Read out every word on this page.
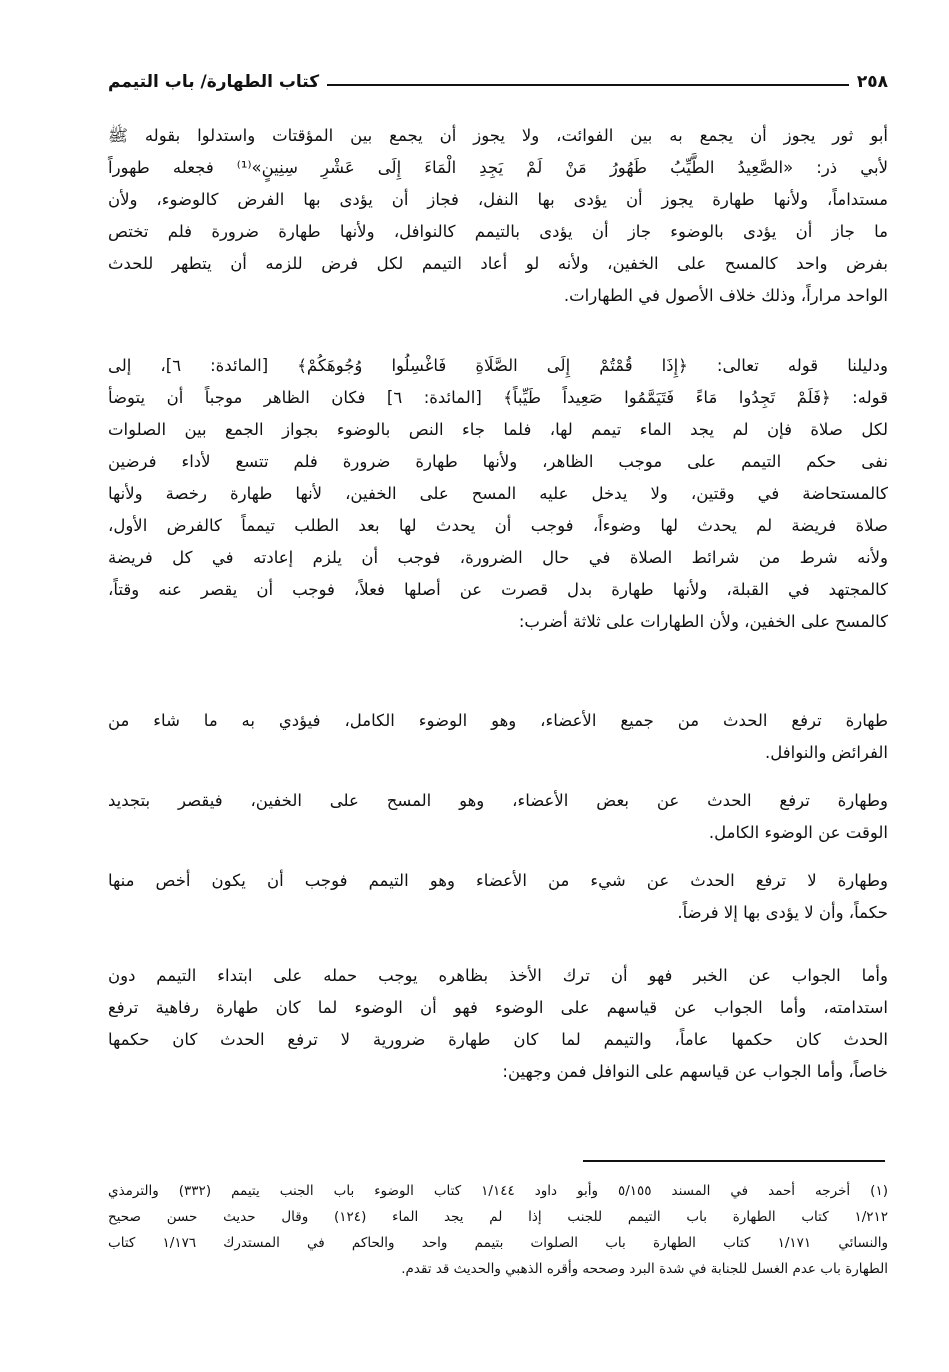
٢٥٨
كتاب الطهارة/ باب التيمم
أبو ثور يجوز أن يجمع به بين الفوائت، ولا يجوز أن يجمع بين المؤقتات واستدلوا بقوله ﷺ
لأبي ذر: «الصَّعِيدُ الطَّيِّبُ طَهُورُ مَنْ لَمْ يَجِدِ الْمَاءَ إِلَى عَشْرِ سِنِينٍ»⁽¹⁾ فجعله طهوراً
مستداماً، ولأنها طهارة يجوز أن يؤدى بها النفل، فجاز أن يؤدى بها الفرض كالوضوء، ولأن
ما جاز أن يؤدى بالوضوء جاز أن يؤدى بالتيمم كالنوافل، ولأنها طهارة ضرورة فلم تختص
بفرض واحد كالمسح على الخفين، ولأنه لو أعاد التيمم لكل فرض للزمه أن يتطهر للحدث
الواحد مراراً، وذلك خلاف الأصول في الطهارات.
ودليلنا قوله تعالى: ﴿إِذَا قُمْتُمْ إِلَى الصَّلَاةِ فَاغْسِلُوا وُجُوهَكُمْ﴾ [المائدة: ٦]، إلى
قوله: ﴿فَلَمْ تَجِدُوا مَاءً فَتَيَمَّمُوا صَعِيداً طَيِّباً﴾ [المائدة: ٦] فكان الظاهر موجباً أن يتوضأ
لكل صلاة فإن لم يجد الماء تيمم لها، فلما جاء النص بالوضوء بجواز الجمع بين الصلوات
نفى حكم التيمم على موجب الظاهر، ولأنها طهارة ضرورة فلم تتسع لأداء فرضين
كالمستحاضة في وقتين، ولا يدخل عليه المسح على الخفين، لأنها طهارة رخصة ولأنها
صلاة فريضة لم يحدث لها وضوءاً، فوجب أن يحدث لها بعد الطلب تيمماً كالفرض الأول،
ولأنه شرط من شرائط الصلاة في حال الضرورة، فوجب أن يلزم إعادته في كل فريضة
كالمجتهد في القبلة، ولأنها طهارة بدل قصرت عن أصلها فعلاً، فوجب أن يقصر عنه وقتاً،
كالمسح على الخفين، ولأن الطهارات على ثلاثة أضرب:
طهارة ترفع الحدث من جميع الأعضاء، وهو الوضوء الكامل، فيؤدي به ما شاء من
الفرائض والنوافل.
وطهارة ترفع الحدث عن بعض الأعضاء، وهو المسح على الخفين، فيقصر بتجديد
الوقت عن الوضوء الكامل.
وطهارة لا ترفع الحدث عن شيء من الأعضاء وهو التيمم فوجب أن يكون أخص منها
حكماً، وأن لا يؤدى بها إلا فرضاً.
وأما الجواب عن الخبر فهو أن ترك الأخذ بظاهره يوجب حمله على ابتداء التيمم دون
استدامته، وأما الجواب عن قياسهم على الوضوء فهو أن الوضوء لما كان طهارة رفاهية ترفع
الحدث كان حكمها عاماً، والتيمم لما كان طهارة ضرورية لا ترفع الحدث كان حكمها
خاصاً، وأما الجواب عن قياسهم على النوافل فمن وجهين:
(١) أخرجه أحمد في المسند ٥/١٥٥ وأبو داود ١/١٤٤ كتاب الوضوء باب الجنب يتيمم (٣٣٢) والترمذي
١/٢١٢ كتاب الطهارة باب التيمم للجنب إذا لم يجد الماء (١٢٤) وقال حديث حسن صحيح
والنسائي ١/١٧١ كتاب الطهارة باب الصلوات بتيمم واحد والحاكم في المستدرك ١/١٧٦ كتاب
الطهارة باب عدم الغسل للجنابة في شدة البرد وصححه وأقره الذهبي والحديث قد تقدم.
